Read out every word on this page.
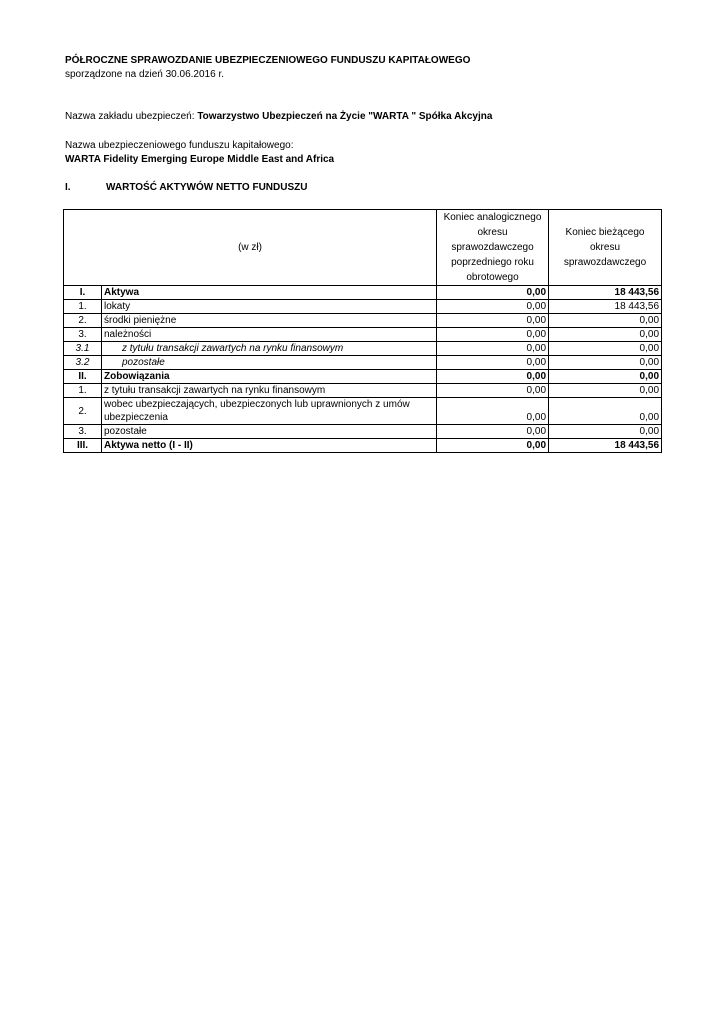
PÓŁROCZNE SPRAWOZDANIE UBEZPIECZENIOWEGO FUNDUSZU KAPITAŁOWEGO
sporządzone na dzień 30.06.2016 r.
Nazwa zakładu ubezpieczeń: Towarzystwo Ubezpieczeń na Życie "WARTA " Spółka Akcyjna
Nazwa ubezpieczeniowego funduszu kapitałowego:
WARTA Fidelity Emerging Europe Middle East and Africa
I.	WARTOŚĆ AKTYWÓW NETTO FUNDUSZU
(w zł)		Koniec analogicznego okresu sprawozdawczego poprzedniego roku obrotowego	Koniec bieżącego okresu sprawozdawczego
I.	Aktywa	0,00	18 443,56
1.	lokaty	0,00	18 443,56
2.	środki pieniężne	0,00	0,00
3.	należności	0,00	0,00
3.1	z tytułu transakcji zawartych na rynku finansowym	0,00	0,00
3.2	pozostałe	0,00	0,00
II.	Zobowiązania	0,00	0,00
1.	z tytułu transakcji zawartych na rynku finansowym	0,00	0,00
2.	wobec ubezpieczających, ubezpieczonych lub uprawnionych z umów ubezpieczenia	0,00	0,00
3.	pozostałe	0,00	0,00
III.	Aktywa netto (I - II)	0,00	18 443,56
